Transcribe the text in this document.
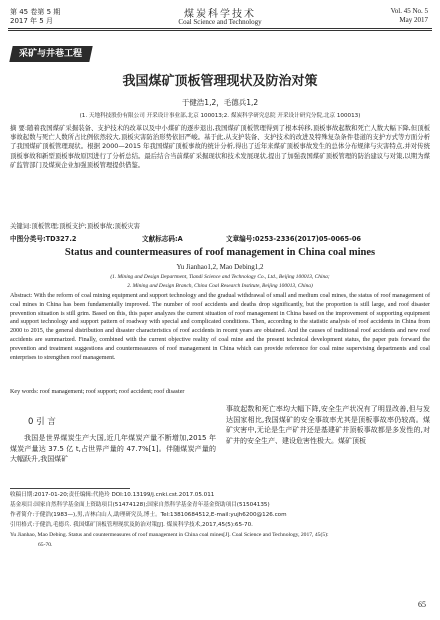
第 45 卷第 5 期
2017 年 5 月
煤炭科学技术
Coal Science and Technology
Vol. 45 No. 5
May 2017
采矿与井巷工程
我国煤矿顶板管理现状及防治对策
于健浩1,2，毛德兵1,2
(1. 天地科技股份有限公司 开采设计事业部,北京 100013;2. 煤炭科学研究总院 开采设计研究分院,北京 100013)
摘 要:随着我国煤矿采掘装备、支护技术的改革以及中小煤矿的逐步退出,我国煤矿顶板管理得到了根本转移,顶板事故起数和死亡人数大幅下降,但顶板事故起数与死亡人数所占比例依然较大,顶板灾害防治形势依旧严峻。基于此,从支护装备、支护技术的改进及特殊复杂条件巷道的支护方式等方面分析了我国煤矿顶板管理现状。根据 2000—2015 年我国煤矿顶板事故的统计分析,得出了近年来煤矿顶板事故发生的总体分布规律与灾害特点,并对传统顶板事故和新型顶板事故原因进行了分析总结。最后结合当前煤矿采掘现状和技术发展现状,提出了加强我国煤矿顶板管理的防治建议与对策,以期为煤矿监管部门及煤炭企业加强顶板管理提供借鉴。
关键词:顶板管理;顶板支护;顶板事故;顶板灾害
中图分类号:TD327.2	文献标志码:A	文章编号:0253-2336(2017)05-0065-06
Status and countermeasures of roof management in China coal mines
Yu Jianhao1,2, Mao Debing1,2
(1. Mining and Design Department, Tiandi Science and Technology Co., Ltd., Beijing 100013, China;
2. Mining and Design Branch, China Coal Research Institute, Beijing 100013, China)
Abstract: With the reform of coal mining equipment and support technology and the gradual withdrawal of small and medium coal mines, the status of roof management of coal mines in China has been fundamentally improved. The number of roof accidents and deaths drop significantly, but the proportion is still large, and roof disaster prevention situation is still grim. Based on this, this paper analyzes the current situation of roof management in China based on the improvement of supporting equipment and support technology and support pattern of roadway with special and complicated conditions. Then, according to the statistic analysis of roof accidents in China from 2000 to 2015, the general distribution and disaster characteristics of roof accidents in recent years are obtained. And the causes of traditional roof accidents and new roof accidents are summarized. Finally, combined with the current objective reality of coal mine and the present technical development status, the paper puts forward the prevention and treatment suggestions and countermeasures of roof management in China which can provide reference for coal mine supervising departments and coal enterprises to strengthen roof management.
Key words: roof management; roof support; roof accident; roof disaster
0 引 言
我国是世界煤炭生产大国,近几年煤炭产量不断增加,2015 年煤炭产量达 37.5 亿 t,占世界产量的 47.7%[1]。伴随煤炭产量的大幅跃升,我国煤矿
事故起数和死亡率均大幅下降,安全生产状况有了明显改善,但与发达国家相比,我国煤矿的安全事故率尤其是顶板事故率仍较高。煤矿灾害中,无论是生产矿井还是基建矿井顶板事故都是多发性的,对矿井的安全生产、建设危害性极大。煤矿顶板
收稿日期:2017-01-20;责任编辑:代艳玲 DOI:10.13199/j.cnki.cst.2017.05.011
基金项目:国家自然科学基金面上资助项目(51474128);国家自然科学基金青年基金资助项目(51504135)
作者简介:于健浩(1983—),男,吉林白山人,助理研究员,博士。Tel:13810684512,E-mail:yujh6200@126.com
引用格式:于健浩,毛德兵. 我国煤矿顶板管理现状及防治对策[J]. 煤炭科学技术,2017,45(5):65-70.
Yu Jianhao, Mao Debing. Status and countermeasures of roof management in China coal mines[J]. Coal Science and Technology, 2017, 45(5):
65-70.
65
